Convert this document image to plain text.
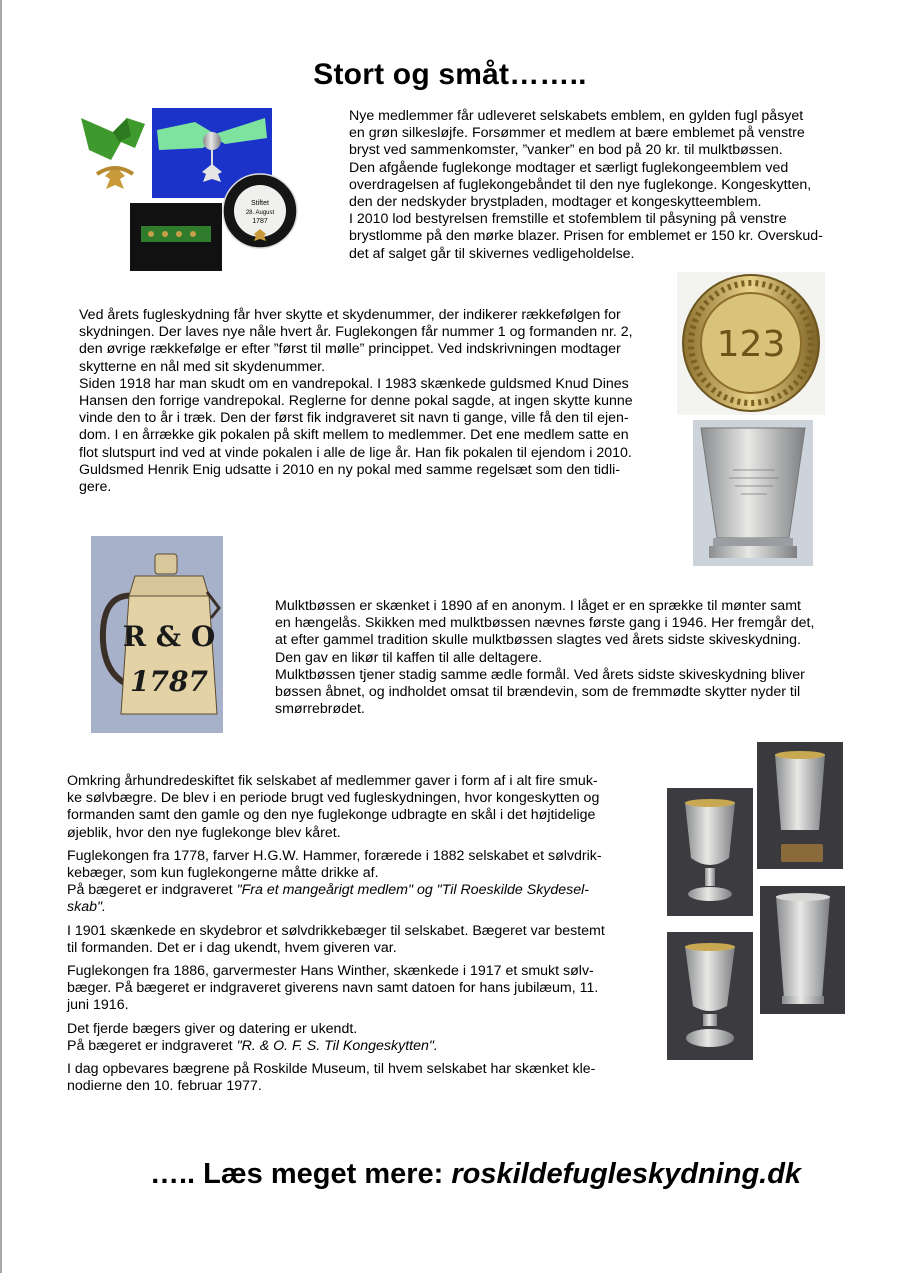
Stort og småt……..
Stiftet
28. August
1787

Nye medlemmer får udleveret selskabets emblem, en gylden fugl påsyet

en grøn silkesløjfe. Forsømmer et medlem at bære emblemet på venstre

bryst ved sammenkomster, ”vanker” en bod på 20 kr. til mulktbøssen.

Den afgående fuglekonge modtager et særligt fuglekongeemblem ved

overdragelsen af fuglekongebåndet til den nye fuglekonge. Kongeskytten,

den der nedskyder brystpladen, modtager et kongeskytteemblem.

I 2010 lod bestyrelsen fremstille et stofemblem til påsyning på venstre

brystlomme på den mørke blazer. Prisen for emblemet er 150 kr. Overskud-

det af salget går til skivernes vedligeholdelse.

Ved årets fugleskydning får hver skytte et skydenummer, der indikerer rækkefølgen for

skydningen. Der laves nye nåle hvert år. Fuglekongen får nummer 1 og formanden nr. 2,

den øvrige rækkefølge er efter ”først til mølle” princippet. Ved indskrivningen modtager

skytterne en nål med sit skydenummer.

Siden 1918 har man skudt om en vandrepokal. I 1983 skænkede guldsmed Knud Dines

Hansen den forrige vandrepokal. Reglerne for denne pokal sagde, at ingen skytte kunne

vinde den to år i træk. Den der først fik indgraveret sit navn ti gange, ville få den til ejen-

dom. I en årrække gik pokalen på skift mellem to medlemmer. Det ene medlem satte en

flot slutspurt ind ved at vinde pokalen i alle de lige år. Han fik pokalen til ejendom i 2010.

Guldsmed Henrik Enig udsatte i 2010 en ny pokal med samme regelsæt som den tidli-

gere.

123
R & O
1787

Mulktbøssen er skænket i 1890 af en anonym. I låget er en sprække til mønter samt

en hængelås. Skikken med mulktbøssen nævnes første gang i 1946. Her fremgår det,

at efter gammel tradition skulle mulktbøssen slagtes ved årets sidste skiveskydning.

Den gav en likør til kaffen til alle deltagere.

Mulktbøssen tjener stadig samme ædle formål. Ved årets sidste skiveskydning bliver

bøssen åbnet, og indholdet omsat til brændevin, som de fremmødte skytter nyder til

smørrebrødet.

Omkring århundredeskiftet fik selskabet af medlemmer gaver i form af i alt fire smuk-

ke sølvbægre. De blev i en periode brugt ved fugleskydningen, hvor kongeskytten og

formanden samt den gamle og den nye fuglekonge udbragte en skål i det højtidelige

øjeblik, hvor den nye fuglekonge blev kåret.

Fuglekongen fra 1778, farver H.G.W. Hammer, forærede i 1882 selskabet et sølvdrik-

kebæger, som kun fuglekongerne måtte drikke af.

På bægeret er indgraveret "Fra et mangeårigt medlem" og "Til Roeskilde Skydesel-

skab".

I 1901 skænkede en skydebror et sølvdrikkebæger til selskabet. Bægeret var bestemt

til formanden. Det er i dag ukendt, hvem giveren var.

Fuglekongen fra 1886, garvermester Hans Winther, skænkede i 1917 et smukt sølv-

bæger. På bægeret er indgraveret giverens navn samt datoen for hans jubilæum, 11.

juni 1916.

Det fjerde bægers giver og datering er ukendt.

På bægeret er indgraveret "R. & O. F. S. Til Kongeskytten".

I dag opbevares bægrene på Roskilde Museum, til hvem selskabet har skænket kle-

nodierne den 10. februar 1977.

….. Læs meget mere: roskildefugleskydning.dk
